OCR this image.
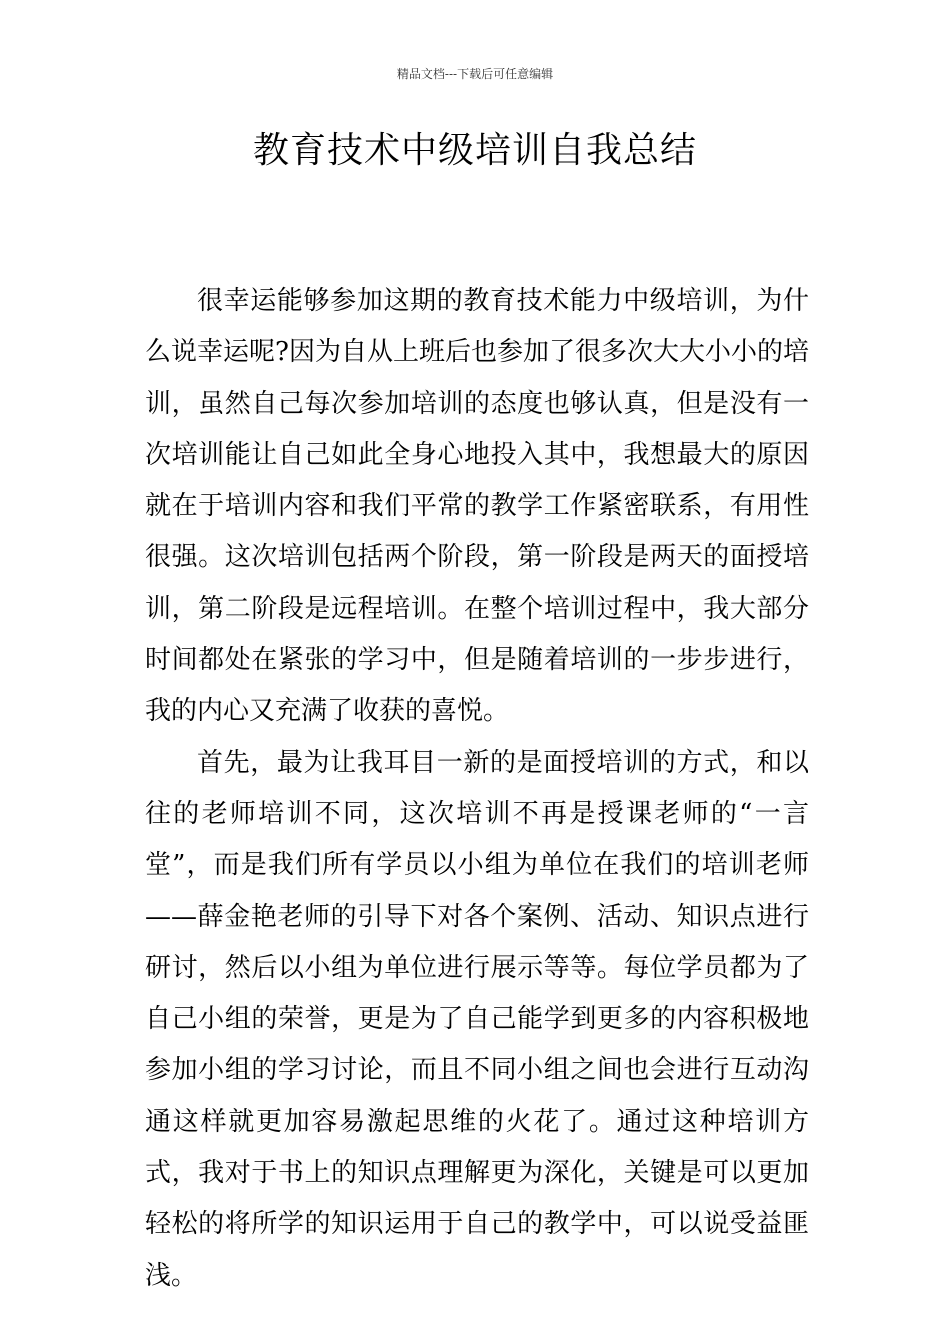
精品文档---下载后可任意编辑
教育技术中级培训自我总结

很幸运能够参加这期的教育技术能力中级培训，为什么说幸运呢?因为自从上班后也参加了很多次大大小小的培训，虽然自己每次参加培训的态度也够认真，但是没有一次培训能让自己如此全身心地投入其中，我想最大的原因就在于培训内容和我们平常的教学工作紧密联系，有用性很强。这次培训包括两个阶段，第一阶段是两天的面授培训，第二阶段是远程培训。在整个培训过程中，我大部分时间都处在紧张的学习中，但是随着培训的一步步进行，我的内心又充满了收获的喜悦。

首先，最为让我耳目一新的是面授培训的方式，和以往的老师培训不同，这次培训不再是授课老师的“一言堂”，而是我们所有学员以小组为单位在我们的培训老师——薛金艳老师的引导下对各个案例、活动、知识点进行研讨，然后以小组为单位进行展示等等。每位学员都为了自己小组的荣誉，更是为了自己能学到更多的内容积极地参加小组的学习讨论，而且不同小组之间也会进行互动沟通这样就更加容易激起思维的火花了。通过这种培训方式，我对于书上的知识点理解更为深化，关键是可以更加轻松的将所学的知识运用于自己的教学中，可以说受益匪浅。
